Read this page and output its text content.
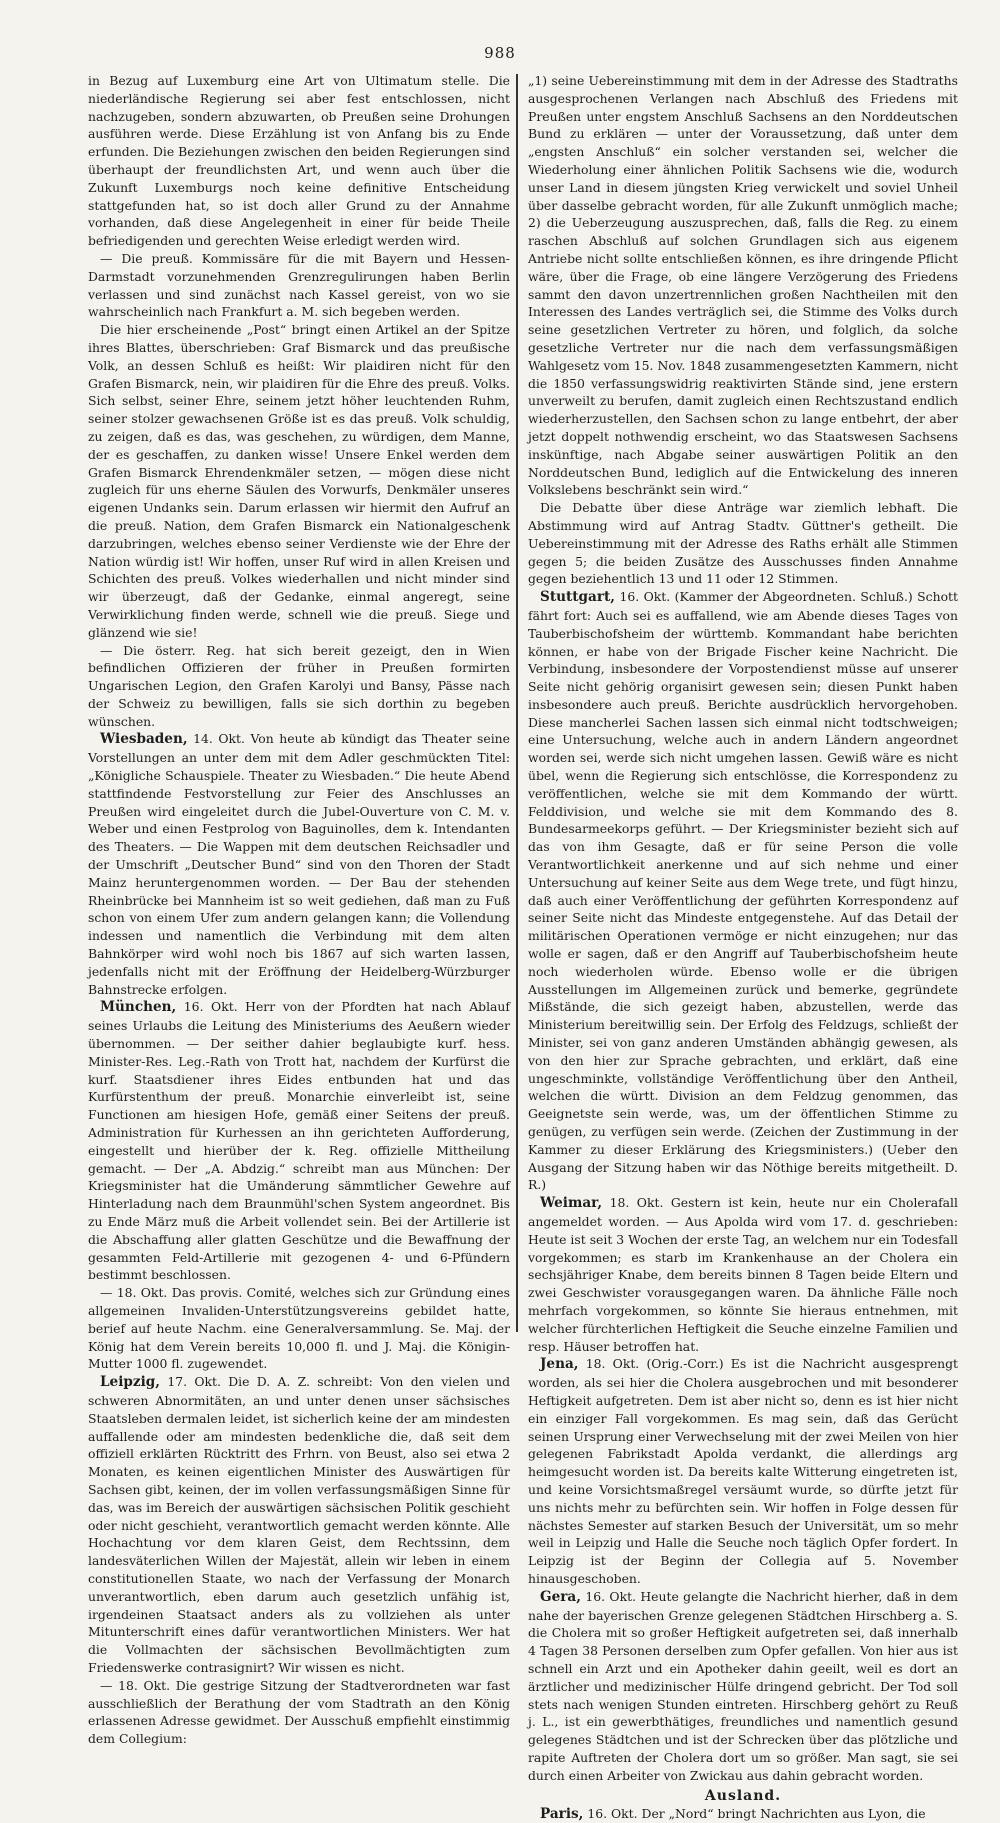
988

in Bezug auf Luxemburg eine Art von Ultimatum stelle. Die niederländische Regierung sei aber fest entschlossen, nicht nachzugeben, sondern abzuwarten, ob Preußen seine Drohungen ausführen werde. Diese Erzählung ist von Anfang bis zu Ende erfunden. Die Beziehungen zwischen den beiden Regierungen sind überhaupt der freundlichsten Art, und wenn auch über die Zukunft Luxemburgs noch keine definitive Entscheidung stattgefunden hat, so ist doch aller Grund zu der Annahme vorhanden, daß diese Angelegenheit in einer für beide Theile befriedigenden und gerechten Weise erledigt werden wird.

— Die preuß. Kommissäre für die mit Bayern und Hessen-Darmstadt vorzunehmenden Grenzregulirungen haben Berlin verlassen und sind zunächst nach Kassel gereist, von wo sie wahrscheinlich nach Frankfurt a. M. sich begeben werden.

Die hier erscheinende „Post“ bringt einen Artikel an der Spitze ihres Blattes, überschrieben: Graf Bismarck und das preußische Volk, an dessen Schluß es heißt: Wir plaidiren nicht für den Grafen Bismarck, nein, wir plaidiren für die Ehre des preuß. Volks. Sich selbst, seiner Ehre, seinem jetzt höher leuchtenden Ruhm, seiner stolzer gewachsenen Größe ist es das preuß. Volk schuldig, zu zeigen, daß es das, was geschehen, zu würdigen, dem Manne, der es geschaffen, zu danken wisse! Unsere Enkel werden dem Grafen Bismarck Ehrendenkmäler setzen, — mögen diese nicht zugleich für uns eherne Säulen des Vorwurfs, Denkmäler unseres eigenen Undanks sein. Darum erlassen wir hiermit den Aufruf an die preuß. Nation, dem Grafen Bismarck ein Nationalgeschenk darzubringen, welches ebenso seiner Verdienste wie der Ehre der Nation würdig ist! Wir hoffen, unser Ruf wird in allen Kreisen und Schichten des preuß. Volkes wiederhallen und nicht minder sind wir überzeugt, daß der Gedanke, einmal angeregt, seine Verwirklichung finden werde, schnell wie die preuß. Siege und glänzend wie sie!

— Die österr. Reg. hat sich bereit gezeigt, den in Wien befindlichen Offizieren der früher in Preußen formirten Ungarischen Legion, den Grafen Karolyi und Bansy, Pässe nach der Schweiz zu bewilligen, falls sie sich dorthin zu begeben wünschen.

Wiesbaden, 14. Okt. Von heute ab kündigt das Theater seine Vorstellungen an unter dem mit dem Adler geschmückten Titel: „Königliche Schauspiele. Theater zu Wiesbaden.“ Die heute Abend stattfindende Festvorstellung zur Feier des Anschlusses an Preußen wird eingeleitet durch die Jubel-Ouverture von C. M. v. Weber und einen Festprolog von Baguinolles, dem k. Intendanten des Theaters. — Die Wappen mit dem deutschen Reichsadler und der Umschrift „Deutscher Bund“ sind von den Thoren der Stadt Mainz heruntergenommen worden. — Der Bau der stehenden Rheinbrücke bei Mannheim ist so weit gediehen, daß man zu Fuß schon von einem Ufer zum andern gelangen kann; die Vollendung indessen und namentlich die Verbindung mit dem alten Bahnkörper wird wohl noch bis 1867 auf sich warten lassen, jedenfalls nicht mit der Eröffnung der Heidelberg-Würzburger Bahnstrecke erfolgen.

München, 16. Okt. Herr von der Pfordten hat nach Ablauf seines Urlaubs die Leitung des Ministeriums des Aeußern wieder übernommen. — Der seither dahier beglaubigte kurf. hess. Minister-Res. Leg.-Rath von Trott hat, nachdem der Kurfürst die kurf. Staatsdiener ihres Eides entbunden hat und das Kurfürstenthum der preuß. Monarchie einverleibt ist, seine Functionen am hiesigen Hofe, gemäß einer Seitens der preuß. Administration für Kurhessen an ihn gerichteten Aufforderung, eingestellt und hierüber der k. Reg. offizielle Mittheilung gemacht. — Der „A. Abdzig.“ schreibt man aus München: Der Kriegsminister hat die Umänderung sämmtlicher Gewehre auf Hinterladung nach dem Braunmühl'schen System angeordnet. Bis zu Ende März muß die Arbeit vollendet sein. Bei der Artillerie ist die Abschaffung aller glatten Geschütze und die Bewaffnung der gesammten Feld-Artillerie mit gezogenen 4- und 6-Pfündern bestimmt beschlossen.

— 18. Okt. Das provis. Comité, welches sich zur Gründung eines allgemeinen Invaliden-Unterstützungsvereins gebildet hatte, berief auf heute Nachm. eine Generalversammlung. Se. Maj. der König hat dem Verein bereits 10,000 fl. und J. Maj. die Königin-Mutter 1000 fl. zugewendet.

Leipzig, 17. Okt. Die D. A. Z. schreibt: Von den vielen und schweren Abnormitäten, an und unter denen unser sächsisches Staatsleben dermalen leidet, ist sicherlich keine der am mindesten auffallende oder am mindesten bedenkliche die, daß seit dem offiziell erklärten Rücktritt des Frhrn. von Beust, also sei etwa 2 Monaten, es keinen eigentlichen Minister des Auswärtigen für Sachsen gibt, keinen, der im vollen verfassungsmäßigen Sinne für das, was im Bereich der auswärtigen sächsischen Politik geschieht oder nicht geschieht, verantwortlich gemacht werden könnte. Alle Hochachtung vor dem klaren Geist, dem Rechtssinn, dem landesväterlichen Willen der Majestät, allein wir leben in einem constitutionellen Staate, wo nach der Verfassung der Monarch unverantwortlich, eben darum auch gesetzlich unfähig ist, irgendeinen Staatsact anders als zu vollziehen als unter Mitunterschrift eines dafür verantwortlichen Ministers. Wer hat die Vollmachten der sächsischen Bevollmächtigten zum Friedenswerke contrasignirt? Wir wissen es nicht.

— 18. Okt. Die gestrige Sitzung der Stadtverordneten war fast ausschließlich der Berathung der vom Stadtrath an den König erlassenen Adresse gewidmet. Der Ausschuß empfiehlt einstimmig dem Collegium:

„1) seine Uebereinstimmung mit dem in der Adresse des Stadtraths ausgesprochenen Verlangen nach Abschluß des Friedens mit Preußen unter engstem Anschluß Sachsens an den Norddeutschen Bund zu erklären — unter der Voraussetzung, daß unter dem „engsten Anschluß“ ein solcher verstanden sei, welcher die Wiederholung einer ähnlichen Politik Sachsens wie die, wodurch unser Land in diesem jüngsten Krieg verwickelt und soviel Unheil über dasselbe gebracht worden, für alle Zukunft unmöglich mache; 2) die Ueberzeugung auszusprechen, daß, falls die Reg. zu einem raschen Abschluß auf solchen Grundlagen sich aus eigenem Antriebe nicht sollte entschließen können, es ihre dringende Pflicht wäre, über die Frage, ob eine längere Verzögerung des Friedens sammt den davon unzertrennlichen großen Nachtheilen mit den Interessen des Landes verträglich sei, die Stimme des Volks durch seine gesetzlichen Vertreter zu hören, und folglich, da solche gesetzliche Vertreter nur die nach dem verfassungsmäßigen Wahlgesetz vom 15. Nov. 1848 zusammengesetzten Kammern, nicht die 1850 verfassungswidrig reaktivirten Stände sind, jene erstern unverweilt zu berufen, damit zugleich einen Rechtszustand endlich wiederherzustellen, den Sachsen schon zu lange entbehrt, der aber jetzt doppelt nothwendig erscheint, wo das Staatswesen Sachsens inskünftige, nach Abgabe seiner auswärtigen Politik an den Norddeutschen Bund, lediglich auf die Entwickelung des inneren Volkslebens beschränkt sein wird.“

Die Debatte über diese Anträge war ziemlich lebhaft. Die Abstimmung wird auf Antrag Stadtv. Güttner's getheilt. Die Uebereinstimmung mit der Adresse des Raths erhält alle Stimmen gegen 5; die beiden Zusätze des Ausschusses finden Annahme gegen beziehentlich 13 und 11 oder 12 Stimmen.

Stuttgart, 16. Okt. (Kammer der Abgeordneten. Schluß.) Schott fährt fort: Auch sei es auffallend, wie am Abende dieses Tages von Tauberbischofsheim der württemb. Kommandant habe berichten können, er habe von der Brigade Fischer keine Nachricht. Die Verbindung, insbesondere der Vorpostendienst müsse auf unserer Seite nicht gehörig organisirt gewesen sein; diesen Punkt haben insbesondere auch preuß. Berichte ausdrücklich hervorgehoben. Diese mancherlei Sachen lassen sich einmal nicht todtschweigen; eine Untersuchung, welche auch in andern Ländern angeordnet worden sei, werde sich nicht umgehen lassen. Gewiß wäre es nicht übel, wenn die Regierung sich entschlösse, die Korrespondenz zu veröffentlichen, welche sie mit dem Kommando der württ. Felddivision, und welche sie mit dem Kommando des 8. Bundesarmeekorps geführt. — Der Kriegsminister bezieht sich auf das von ihm Gesagte, daß er für seine Person die volle Verantwortlichkeit anerkenne und auf sich nehme und einer Untersuchung auf keiner Seite aus dem Wege trete, und fügt hinzu, daß auch einer Veröffentlichung der geführten Korrespondenz auf seiner Seite nicht das Mindeste entgegenstehe. Auf das Detail der militärischen Operationen vermöge er nicht einzugehen; nur das wolle er sagen, daß er den Angriff auf Tauberbischofsheim heute noch wiederholen würde. Ebenso wolle er die übrigen Ausstellungen im Allgemeinen zurück und bemerke, gegründete Mißstände, die sich gezeigt haben, abzustellen, werde das Ministerium bereitwillig sein. Der Erfolg des Feldzugs, schließt der Minister, sei von ganz anderen Umständen abhängig gewesen, als von den hier zur Sprache gebrachten, und erklärt, daß eine ungeschminkte, vollständige Veröffentlichung über den Antheil, welchen die württ. Division an dem Feldzug genommen, das Geeignetste sein werde, was, um der öffentlichen Stimme zu genügen, zu verfügen sein werde. (Zeichen der Zustimmung in der Kammer zu dieser Erklärung des Kriegsministers.) (Ueber den Ausgang der Sitzung haben wir das Nöthige bereits mitgetheilt. D. R.)

Weimar, 18. Okt. Gestern ist kein, heute nur ein Cholerafall angemeldet worden. — Aus Apolda wird vom 17. d. geschrieben: Heute ist seit 3 Wochen der erste Tag, an welchem nur ein Todesfall vorgekommen; es starb im Krankenhause an der Cholera ein sechsjähriger Knabe, dem bereits binnen 8 Tagen beide Eltern und zwei Geschwister vorausgegangen waren. Da ähnliche Fälle noch mehrfach vorgekommen, so könnte Sie hieraus entnehmen, mit welcher fürchterlichen Heftigkeit die Seuche einzelne Familien und resp. Häuser betroffen hat.

Jena, 18. Okt. (Orig.-Corr.) Es ist die Nachricht ausgesprengt worden, als sei hier die Cholera ausgebrochen und mit besonderer Heftigkeit aufgetreten. Dem ist aber nicht so, denn es ist hier nicht ein einziger Fall vorgekommen. Es mag sein, daß das Gerücht seinen Ursprung einer Verwechselung mit der zwei Meilen von hier gelegenen Fabrikstadt Apolda verdankt, die allerdings arg heimgesucht worden ist. Da bereits kalte Witterung eingetreten ist, und keine Vorsichtsmaßregel versäumt wurde, so dürfte jetzt für uns nichts mehr zu befürchten sein. Wir hoffen in Folge dessen für nächstes Semester auf starken Besuch der Universität, um so mehr weil in Leipzig und Halle die Seuche noch täglich Opfer fordert. In Leipzig ist der Beginn der Collegia auf 5. November hinausgeschoben.

Gera, 16. Okt. Heute gelangte die Nachricht hierher, daß in dem nahe der bayerischen Grenze gelegenen Städtchen Hirschberg a. S. die Cholera mit so großer Heftigkeit aufgetreten sei, daß innerhalb 4 Tagen 38 Personen derselben zum Opfer gefallen. Von hier aus ist schnell ein Arzt und ein Apotheker dahin geeilt, weil es dort an ärztlicher und medizinischer Hülfe dringend gebricht. Der Tod soll stets nach wenigen Stunden eintreten. Hirschberg gehört zu Reuß j. L., ist ein gewerbthätiges, freundliches und namentlich gesund gelegenes Städtchen und ist der Schrecken über das plötzliche und rapite Auftreten der Cholera dort um so größer. Man sagt, sie sei durch einen Arbeiter von Zwickau aus dahin gebracht worden.

Ausland.

Paris, 16. Okt. Der „Nord“ bringt Nachrichten aus Lyon, die
